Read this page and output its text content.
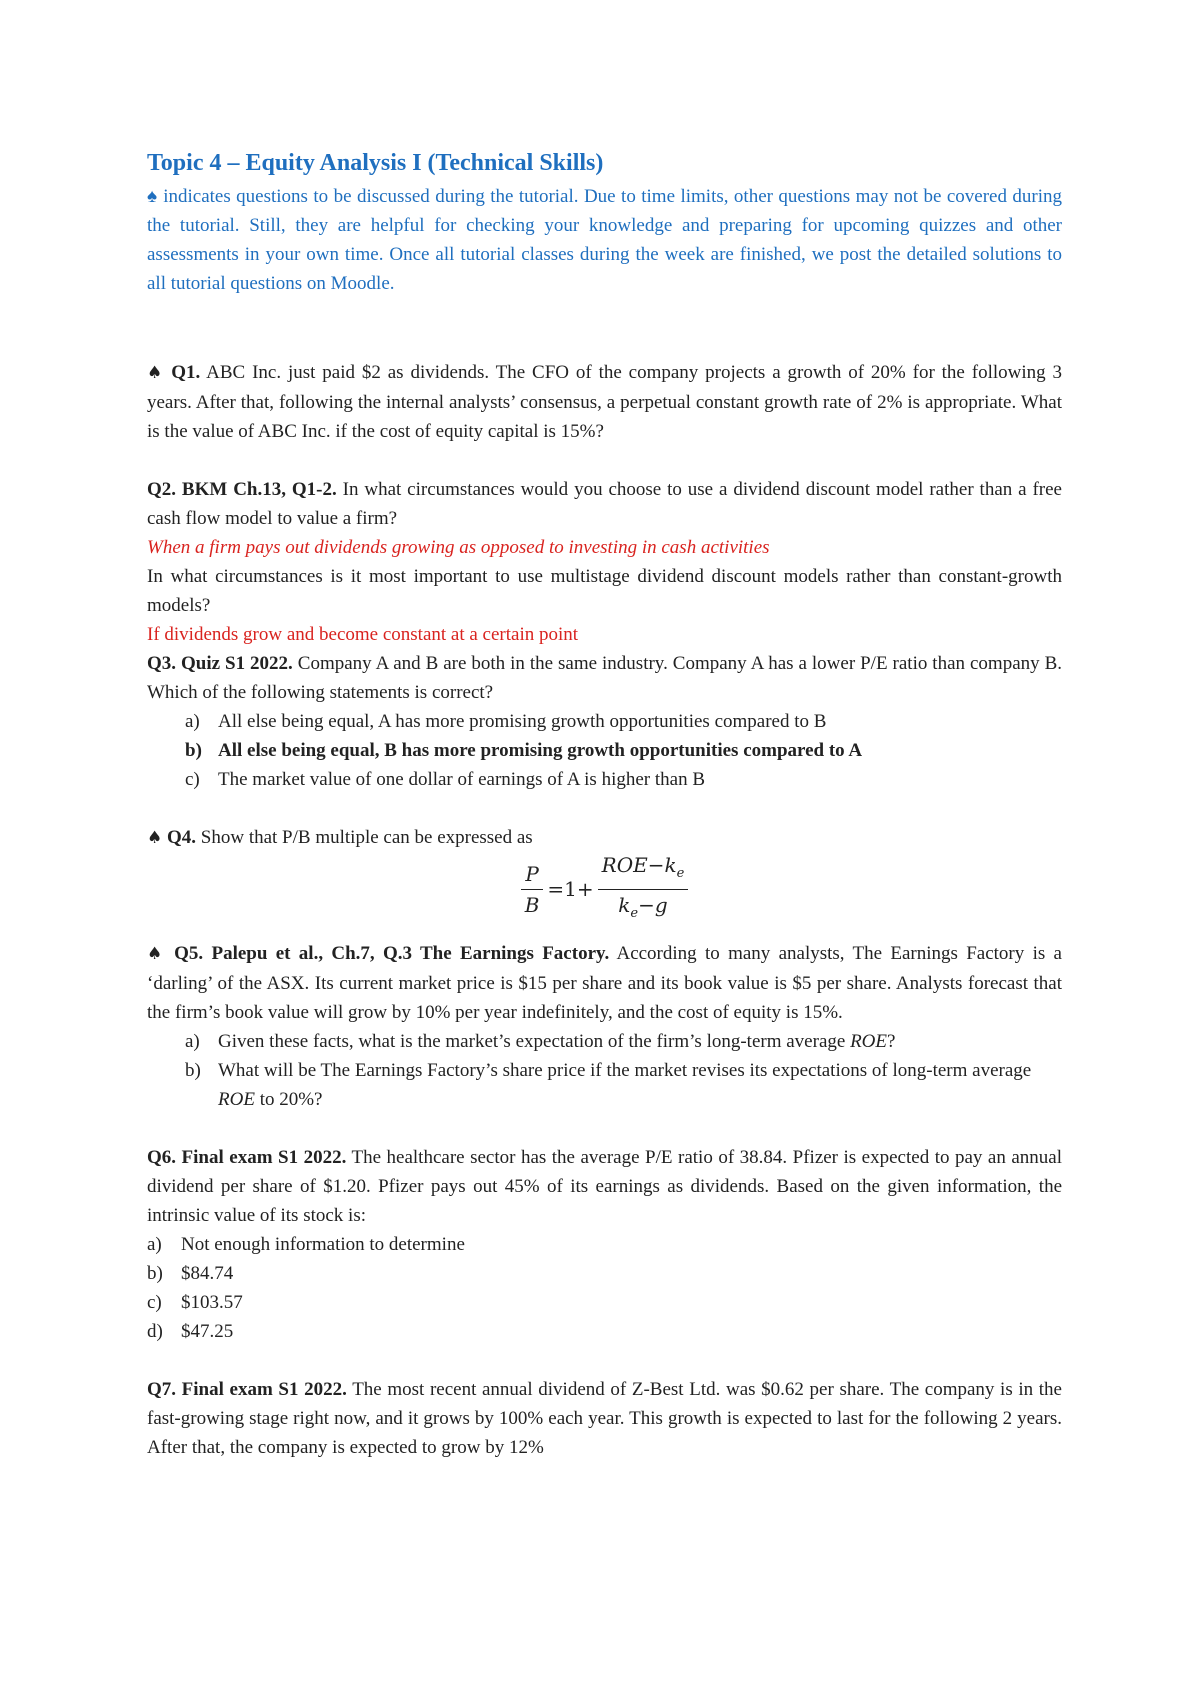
Topic 4 – Equity Analysis I (Technical Skills)

♠ indicates questions to be discussed during the tutorial. Due to time limits, other questions may not be covered during the tutorial. Still, they are helpful for checking your knowledge and preparing for upcoming quizzes and other assessments in your own time. Once all tutorial classes during the week are finished, we post the detailed solutions to all tutorial questions on Moodle.

♠ Q1. ABC Inc. just paid $2 as dividends. The CFO of the company projects a growth of 20% for the following 3 years. After that, following the internal analysts’ consensus, a perpetual constant growth rate of 2% is appropriate. What is the value of ABC Inc. if the cost of equity capital is 15%?

Q2. BKM Ch.13, Q1-2. In what circumstances would you choose to use a dividend discount model rather than a free cash flow model to value a firm?

When a firm pays out dividends growing as opposed to investing in cash activities

In what circumstances is it most important to use multistage dividend discount models rather than constant-growth models?

If dividends grow and become constant at a certain point

Q3. Quiz S1 2022. Company A and B are both in the same industry. Company A has a lower P/E ratio than company B. Which of the following statements is correct?

a) All else being equal, A has more promising growth opportunities compared to B
b) All else being equal, B has more promising growth opportunities compared to A
c) The market value of one dollar of earnings of A is higher than B

♠ Q4. Show that P/B multiple can be expressed as

$\frac{P}{B} =1+ \frac{ROE-k_e}{k_e-g}$

♠ Q5. Palepu et al., Ch.7, Q.3 The Earnings Factory. According to many analysts, The Earnings Factory is a ‘darling’ of the ASX. Its current market price is $15 per share and its book value is $5 per share. Analysts forecast that the firm’s book value will grow by 10% per year indefinitely, and the cost of equity is 15%.

a) Given these facts, what is the market’s expectation of the firm’s long-term average ROE?
b) What will be The Earnings Factory’s share price if the market revises its expectations of long-term average ROE to 20%?

Q6. Final exam S1 2022. The healthcare sector has the average P/E ratio of 38.84. Pfizer is expected to pay an annual dividend per share of $1.20. Pfizer pays out 45% of its earnings as dividends. Based on the given information, the intrinsic value of its stock is:

a) Not enough information to determine
b) $84.74
c) $103.57
d) $47.25

Q7. Final exam S1 2022. The most recent annual dividend of Z-Best Ltd. was $0.62 per share. The company is in the fast-growing stage right now, and it grows by 100% each year. This growth is expected to last for the following 2 years. After that, the company is expected to grow by 12%
